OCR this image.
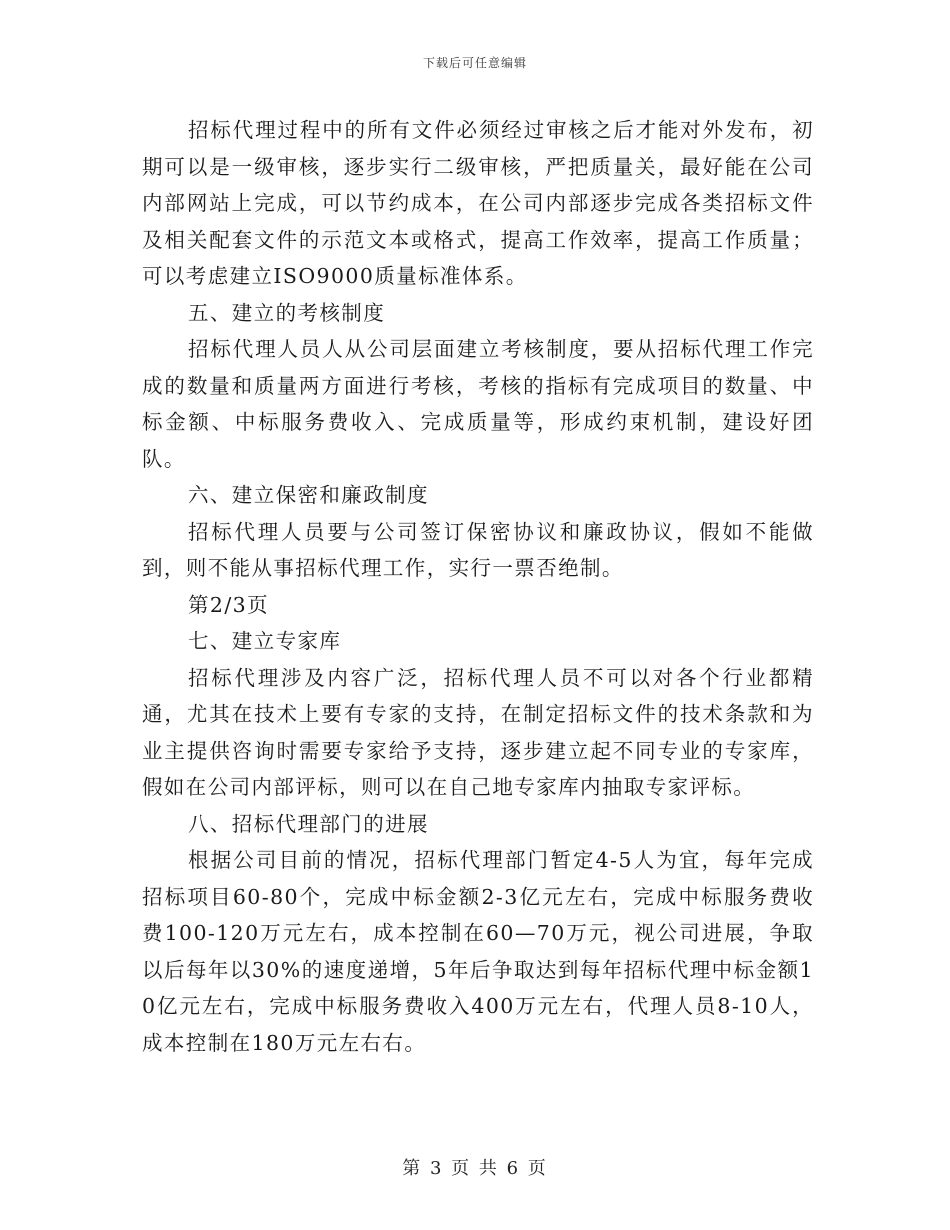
下载后可任意编辑

招标代理过程中的所有文件必须经过审核之后才能对外发布，初期可以是一级审核，逐步实行二级审核，严把质量关，最好能在公司内部网站上完成，可以节约成本，在公司内部逐步完成各类招标文件及相关配套文件的示范文本或格式，提高工作效率，提高工作质量；可以考虑建立ISO9000质量标准体系。

五、建立的考核制度

招标代理人员人从公司层面建立考核制度，要从招标代理工作完成的数量和质量两方面进行考核，考核的指标有完成项目的数量、中标金额、中标服务费收入、完成质量等，形成约束机制，建设好团队。

六、建立保密和廉政制度

招标代理人员要与公司签订保密协议和廉政协议，假如不能做到，则不能从事招标代理工作，实行一票否绝制。

第2/3页

七、建立专家库

招标代理涉及内容广泛，招标代理人员不可以对各个行业都精通，尤其在技术上要有专家的支持，在制定招标文件的技术条款和为业主提供咨询时需要专家给予支持，逐步建立起不同专业的专家库，假如在公司内部评标，则可以在自己地专家库内抽取专家评标。

八、招标代理部门的进展

根据公司目前的情况，招标代理部门暂定4-5人为宜，每年完成招标项目60-80个，完成中标金额2-3亿元左右，完成中标服务费收费100-120万元左右，成本控制在60—70万元，视公司进展，争取以后每年以30%的速度递增，5年后争取达到每年招标代理中标金额10亿元左右，完成中标服务费收入400万元左右，代理人员8-10人，成本控制在180万元左右右。

第 3 页 共 6 页
